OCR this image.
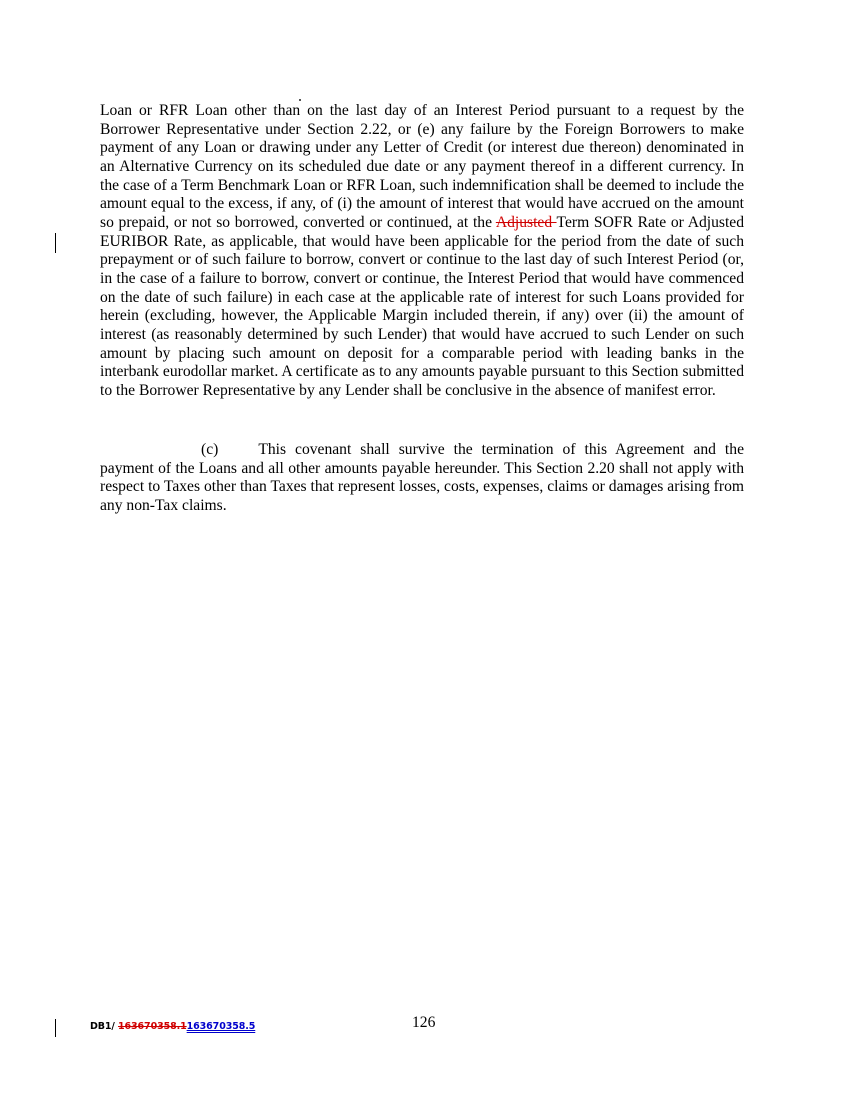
Loan or RFR Loan other than on the last day of an Interest Period pursuant to a request by the Borrower Representative under Section 2.22, or (e) any failure by the Foreign Borrowers to make payment of any Loan or drawing under any Letter of Credit (or interest due thereon) denominated in an Alternative Currency on its scheduled due date or any payment thereof in a different currency. In the case of a Term Benchmark Loan or RFR Loan, such indemnification shall be deemed to include the amount equal to the excess, if any, of (i) the amount of interest that would have accrued on the amount so prepaid, or not so borrowed, converted or continued, at the Adjusted Term SOFR Rate or Adjusted EURIBOR Rate, as applicable, that would have been applicable for the period from the date of such prepayment or of such failure to borrow, convert or continue to the last day of such Interest Period (or, in the case of a failure to borrow, convert or continue, the Interest Period that would have commenced on the date of such failure) in each case at the applicable rate of interest for such Loans provided for herein (excluding, however, the Applicable Margin included therein, if any) over (ii) the amount of interest (as reasonably determined by such Lender) that would have accrued to such Lender on such amount by placing such amount on deposit for a comparable period with leading banks in the interbank eurodollar market. A certificate as to any amounts payable pursuant to this Section submitted to the Borrower Representative by any Lender shall be conclusive in the absence of manifest error.

(c)	This covenant shall survive the termination of this Agreement and the payment of the Loans and all other amounts payable hereunder. This Section 2.20 shall not apply with respect to Taxes other than Taxes that represent losses, costs, expenses, claims or damages arising from any non-Tax claims.

DB1/ 163670358.1163670358.5	126
